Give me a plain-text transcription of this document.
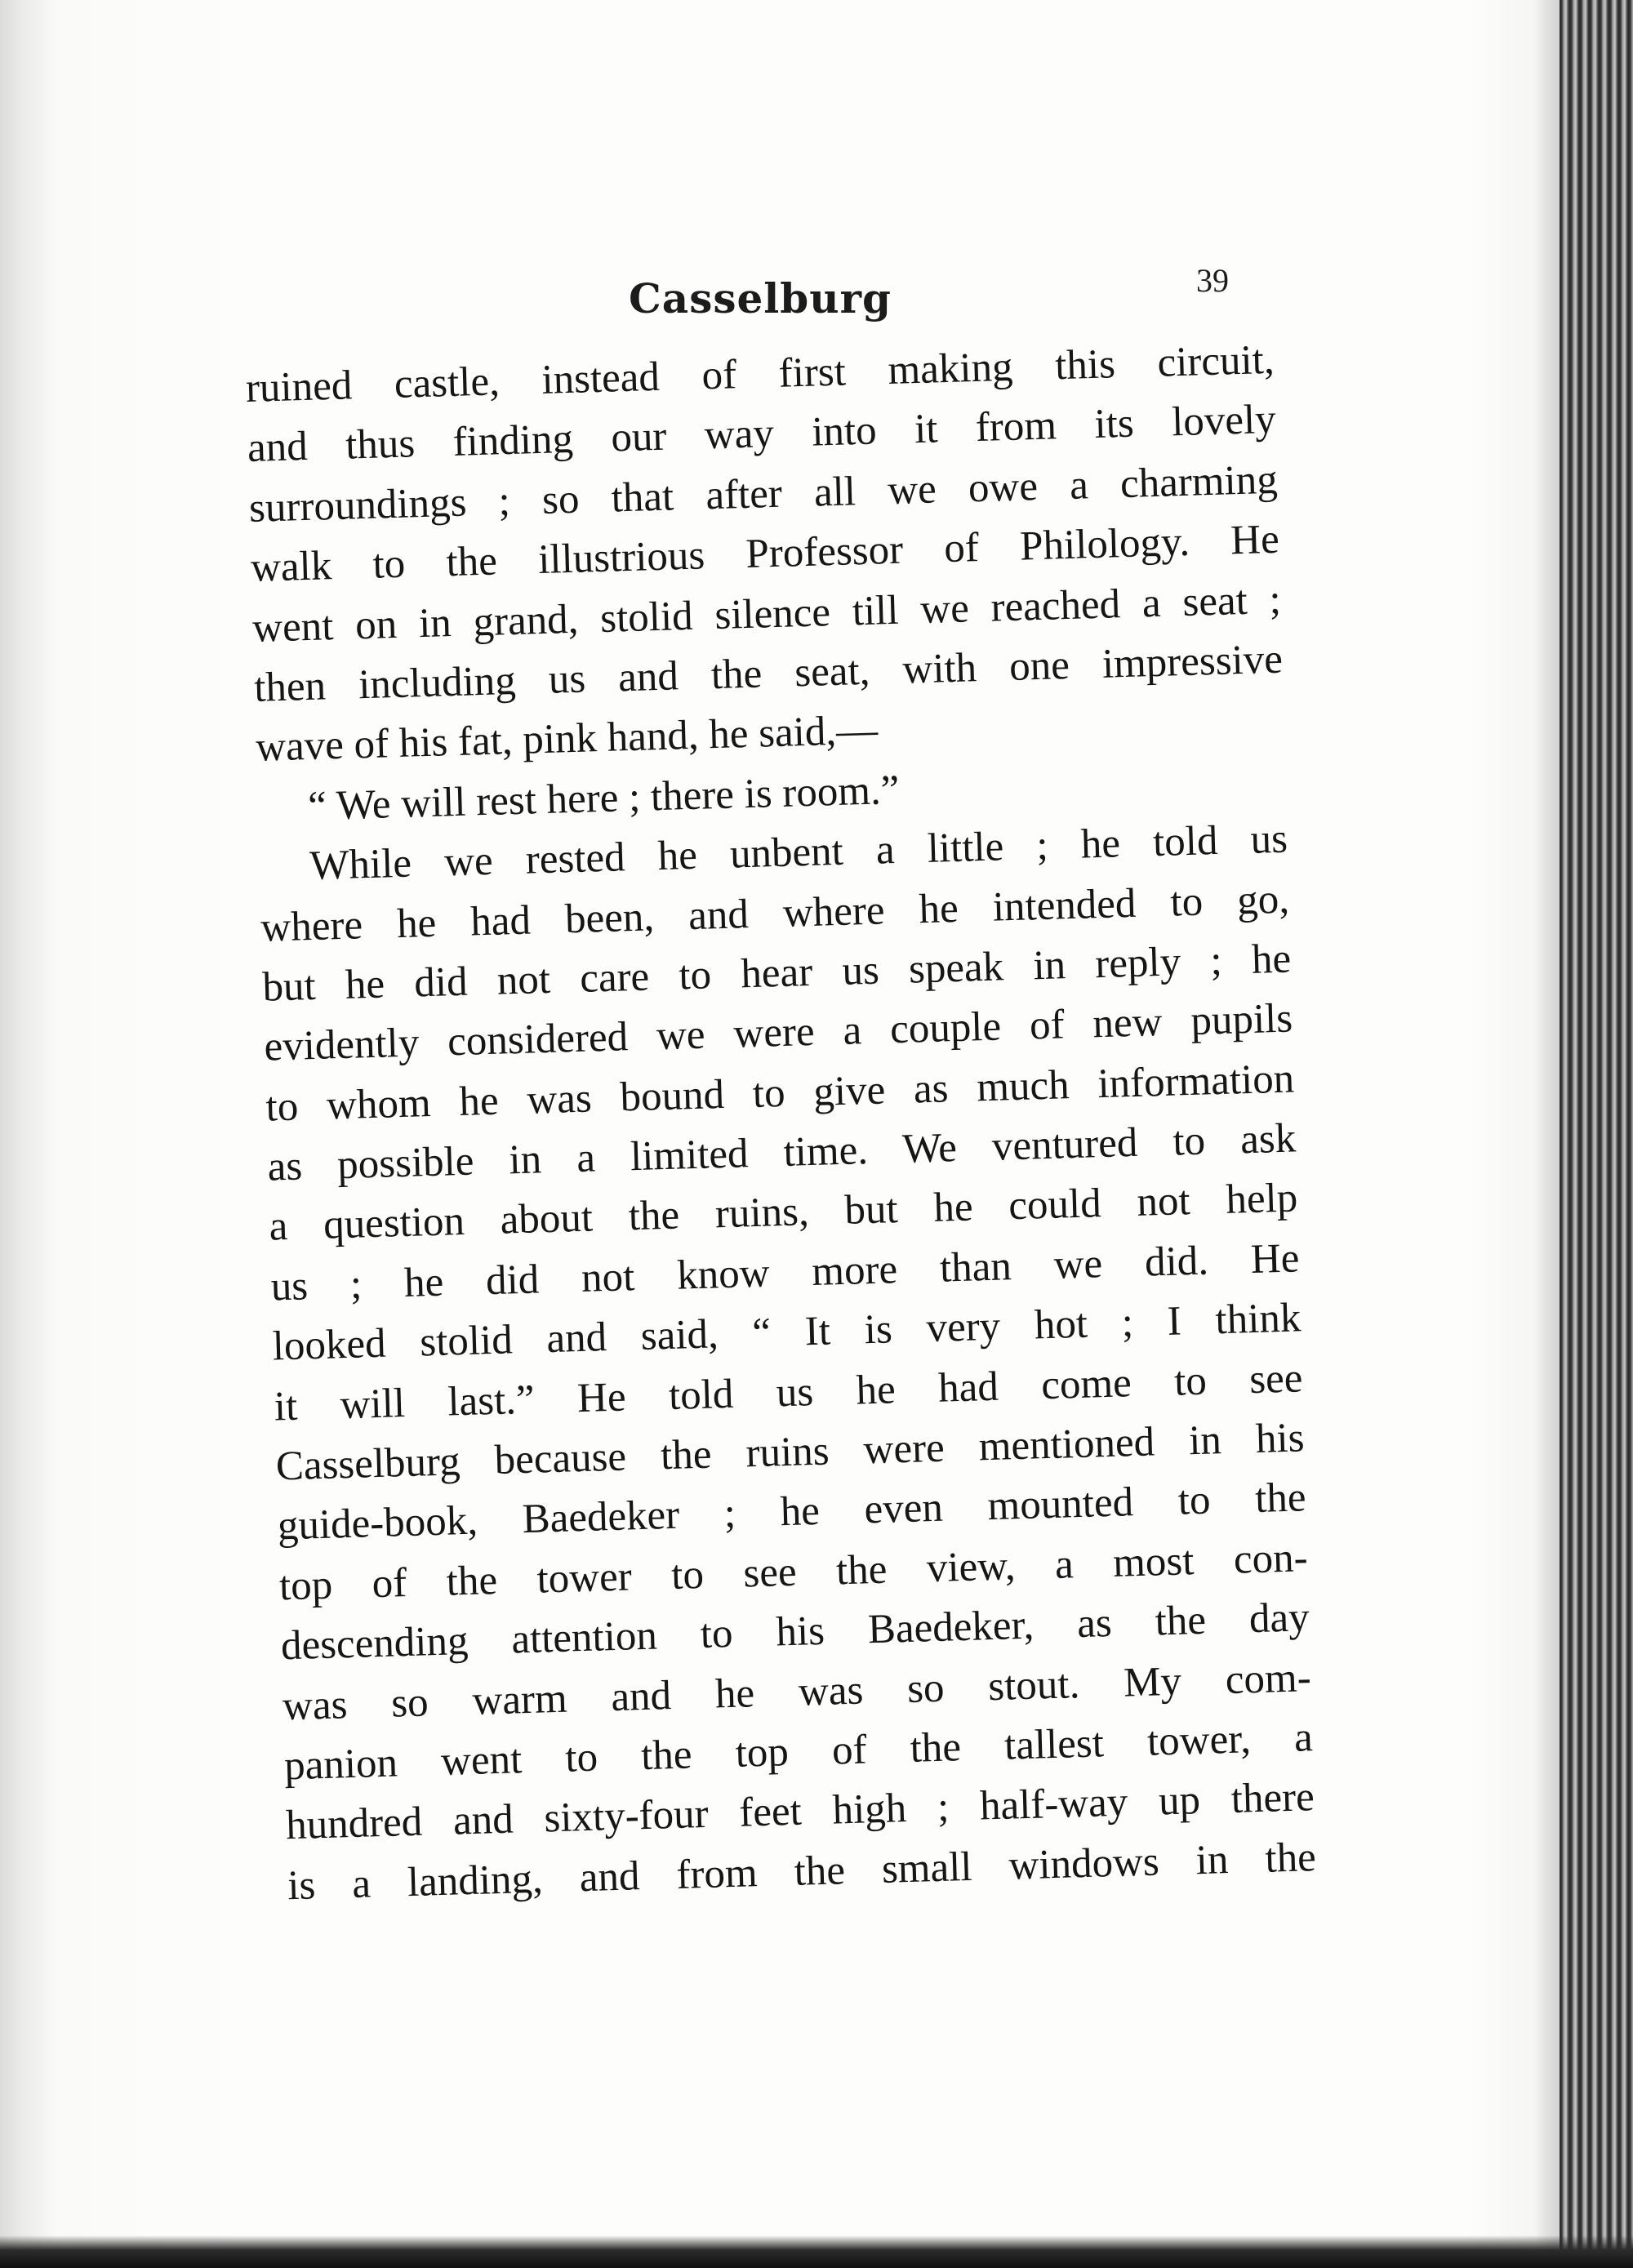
Casselburg	39
ruined castle, instead of first making this circuit,
and thus finding our way into it from its lovely
surroundings ; so that after all we owe a charming
walk to the illustrious Professor of Philology. He
went on in grand, stolid silence till we reached a seat ;
then including us and the seat, with one impressive
wave of his fat, pink hand, he said,—
“ We will rest here ; there is room.”
While we rested he unbent a little ; he told us
where he had been, and where he intended to go,
but he did not care to hear us speak in reply ; he
evidently considered we were a couple of new pupils
to whom he was bound to give as much information
as possible in a limited time. We ventured to ask
a question about the ruins, but he could not help
us ; he did not know more than we did. He
looked stolid and said, “ It is very hot ; I think
it will last.” He told us he had come to see
Casselburg because the ruins were mentioned in his
guide-book, Baedeker ; he even mounted to the
top of the tower to see the view, a most con-
descending attention to his Baedeker, as the day
was so warm and he was so stout. My com-
panion went to the top of the tallest tower, a
hundred and sixty-four feet high ; half-way up there
is a landing, and from the small windows in the
